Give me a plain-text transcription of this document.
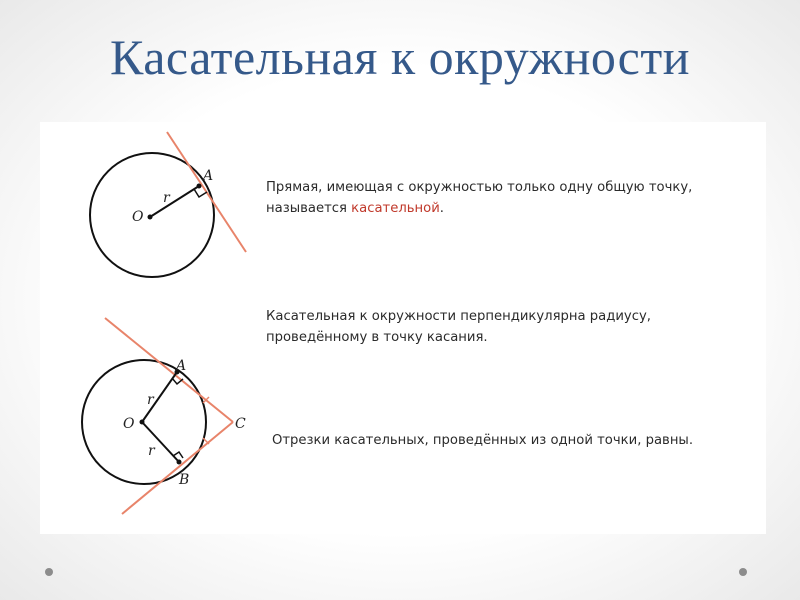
Касательная к окружности
O
A
r
O
A
B
C
r
r
Прямая, имеющая с окружностью только одну общую точку, называется касательной.
Касательная к окружности перпендикулярна радиусу, проведённому в точку касания.
Отрезки касательных, проведённых из одной точки, равны.
